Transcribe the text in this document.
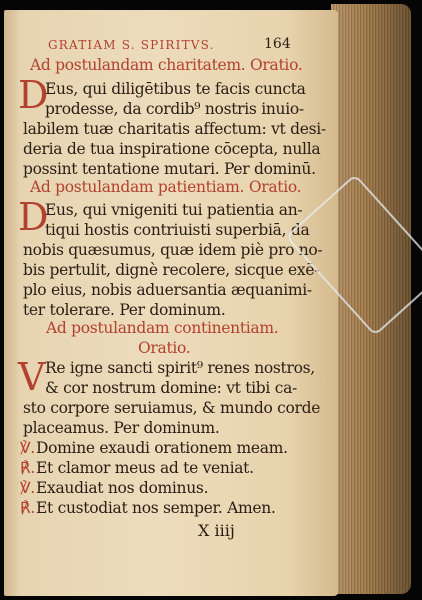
GRATIAM S. SPIRITVS.	164
Ad postulandam charitatem. Oratio.
D
Eus, qui diligētibus te facis cuncta
prodesse, da cordib⁹ nostris inuio-
labilem tuæ charitatis affectum: vt desi-
deria de tua inspiratione cōcepta, nulla
possint tentatione mutari. Per dominū.
Ad postulandam patientiam. Oratio.
D
Eus, qui vnigeniti tui patientia an-
tiqui hostis contriuisti superbiā, da
nobis quæsumus, quæ idem piè pro no-
bis pertulit, dignè recolere, sicque exē-
plo eius, nobis aduersantia æquanimi-
ter tolerare. Per dominum.
Ad postulandam continentiam.
Oratio.
V Re igne sancti spirit⁹ renes nostros,
& cor nostrum domine: vt tibi ca-
sto corpore seruiamus, & mundo corde
placeamus. Per dominum.
℣. Domine exaudi orationem meam.
℟. Et clamor meus ad te veniat.
℣. Exaudiat nos dominus.
℟. Et custodiat nos semper. Amen.
X iiij
